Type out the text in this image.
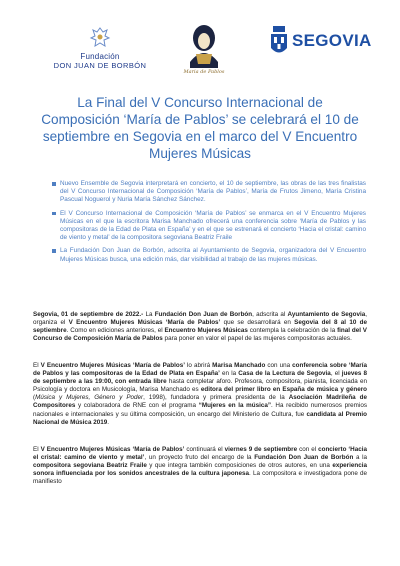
Fundación
DON JUAN DE BORBÓN
Maria de Pablos
SEGOVIA
La Final del V Concurso Internacional de Composición ‘María de Pablos’ se celebrará el 10 de septiembre en Segovia en el marco del V Encuentro Mujeres Músicas
Nuevo Ensemble de Segovia interpretará en concierto, el 10 de septiembre, las obras de las tres finalistas del V Concurso Internacional de Composición ‘María de Pablos’, María de Frutos Jimeno, María Cristina Pascual Noguerol y Nuria María Sánchez Sánchez.
El V Concurso Internacional de Composición ‘María de Pablos’ se enmarca en el V Encuentro Mujeres Músicas en el que la escritora Marisa Manchado ofrecerá una conferencia sobre ‘María de Pablos y las compositoras de la Edad de Plata en España’ y en el que se estrenará el concierto ‘Hacia el cristal: camino de viento y metal’ de la compositora segoviana Beatriz Fraile
La Fundación Don Juan de Borbón, adscrita al Ayuntamiento de Segovia, organizadora del V Encuentro Mujeres Músicas busca, una edición más, dar visibilidad al trabajo de las mujeres músicas.

Segovia, 01 de septiembre de 2022.- La Fundación Don Juan de Borbón, adscrita al Ayuntamiento de Segovia, organiza el V Encuentro Mujeres Músicas ‘María de Pablos’ que se desarrollará en Segovia del 8 al 10 de septiembre. Como en ediciones anteriores, el Encuentro Mujeres Músicas contempla la celebración de la final del V Concurso de Composición María de Pablos para poner en valor el papel de las mujeres compositoras actuales.

El V Encuentro Mujeres Músicas ‘María de Pablos’ lo abrirá Marisa Manchado con una conferencia sobre ‘María de Pablos y las compositoras de la Edad de Plata en España’ en la Casa de la Lectura de Segovia, el jueves 8 de septiembre a las 19:00, con entrada libre hasta completar aforo. Profesora, compositora, pianista, licenciada en Psicología y doctora en Musicología, Marisa Manchado es editora del primer libro en España de música y género (Música y Mujeres, Género y Poder, 1998), fundadora y primera presidenta de la Asociación Madrileña de Compositores y colaboradora de RNE con el programa “Mujeres en la música”. Ha recibido numerosos premios nacionales e internacionales y su última composición, un encargo del Ministerio de Cultura, fue candidata al Premio Nacional de Música 2019.

El V Encuentro Mujeres Músicas ‘María de Pablos’ continuará el viernes 9 de septiembre con el concierto ‘Hacia el cristal: camino de viento y metal’, un proyecto fruto del encargo de la Fundación Don Juan de Borbón a la compositora segoviana Beatriz Fraile y que integra también composiciones de otros autores, en una experiencia sonora influenciada por los sonidos ancestrales de la cultura japonesa. La compositora e investigadora pone de manifiesto
